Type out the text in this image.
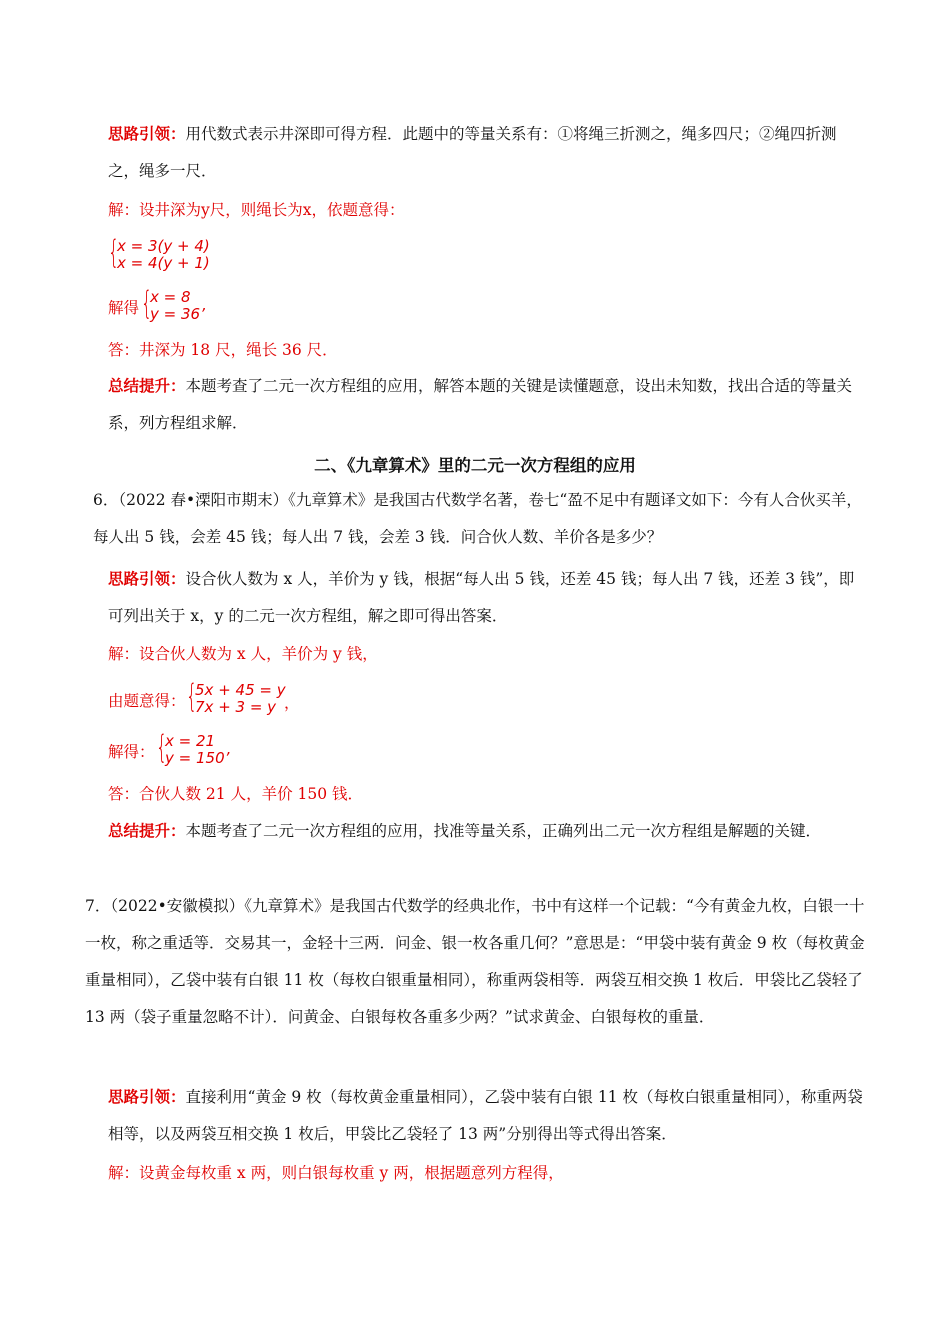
思路引领：用代数式表示井深即可得方程．此题中的等量关系有：①将绳三折测之，绳多四尺；②绳四折测之，绳多一尺．
解：设井深为y尺，则绳长为x，依题意得：
{
x = 3(y + 4)
x = 4(y + 1)
解得 {
x = 8
y = 36’
答：井深为 18 尺，绳长 36 尺．
总结提升：本题考查了二元一次方程组的应用，解答本题的关键是读懂题意，设出未知数，找出合适的等量关系，列方程组求解．
二、《九章算术》里的二元一次方程组的应用
6．（2022 春•溧阳市期末）《九章算术》是我国古代数学名著，卷七“盈不足中有题译文如下：今有人合伙买羊，每人出 5 钱，会差 45 钱；每人出 7 钱，会差 3 钱．问合伙人数、羊价各是多少？
思路引领：设合伙人数为 x 人，羊价为 y 钱，根据“每人出 5 钱，还差 45 钱；每人出 7 钱，还差 3 钱”，即可列出关于 x，y 的二元一次方程组，解之即可得出答案．
解：设合伙人数为 x 人，羊价为 y 钱，
由题意得： {
5x + 45 = y
7x + 3 = y ，
解得： {
x = 21
y = 150’
答：合伙人数 21 人，羊价 150 钱．
总结提升：本题考查了二元一次方程组的应用，找准等量关系，正确列出二元一次方程组是解题的关键．
7．（2022•安徽模拟）《九章算术》是我国古代数学的经典北作，书中有这样一个记载：“今有黄金九枚，白银一十一枚，称之重适等．交易其一，金轻十三两．问金、银一枚各重几何？”意思是：“甲袋中装有黄金 9 枚（每枚黄金重量相同），乙袋中装有白银 11 枚（每枚白银重量相同），称重两袋相等．两袋互相交换 1 枚后．甲袋比乙袋轻了 13 两（袋子重量忽略不计）．问黄金、白银每枚各重多少两？”试求黄金、白银每枚的重量．
思路引领：直接利用“黄金 9 枚（每枚黄金重量相同），乙袋中装有白银 11 枚（每枚白银重量相同），称重两袋相等，以及两袋互相交换 1 枚后，甲袋比乙袋轻了 13 两”分别得出等式得出答案．
解：设黄金每枚重 x 两，则白银每枚重 y 两，根据题意列方程得，
